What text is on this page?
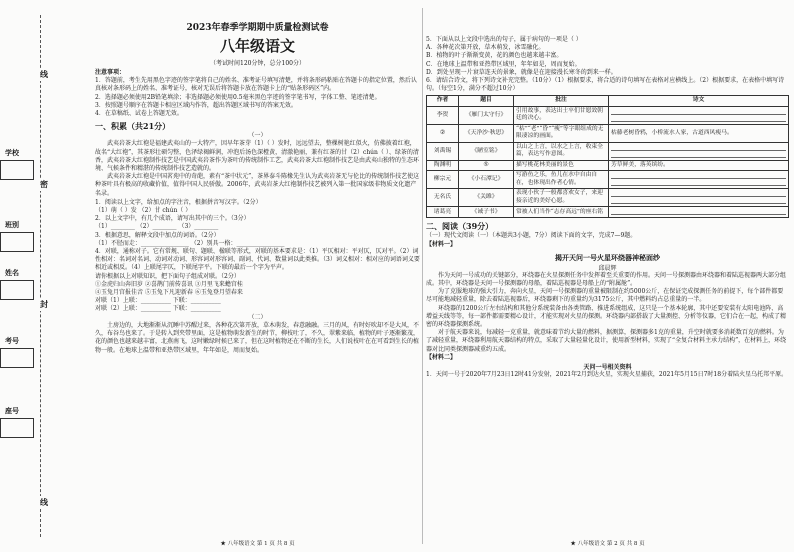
线
密
封
线
学校
班别
姓名
考号
座号
2023年春季学期期中质量检测试卷
八年级语文
（考试时间120分钟，总分100分）
注意事项：
1．答题前，考生先用黑色字迹的签字笔将自己的姓名、准考证号填写清楚，并将条形码粘贴在答题卡的指定位置，然后认真核对条形码上的姓名、准考证号，核对无误后将答题卡放在答题卡上的“贴条形码区”内。
2．选择题必须使用2B铅笔填涂；非选择题必须使用0.5毫米黑色字迹的签字笔书写，字体工整、笔迹清楚。
3．按照题号顺序在答题卡相应区域内作答，超出答题区域书写的答案无效。
4．在草稿纸、试卷上答题无效。
一、积累（共21分）
（一）
武夷岩茶大红袍是福建武夷山的一大特产，因早年茶芽（1）（ ）发时，远远望去，整棵树艳红似火，仿佛披着红袍，故名“大红袍”，其茶形壮硕匀整，色泽绿褐鲜润，冲泡后汤色深橙黄，清澈艳丽，兼有红茶的甘（2）chún（ ）、绿茶的清香，武夷岩茶大红袍制作技艺是中国武夷岩茶作为茶叶的传统制作工艺，武夷岩茶大红袍制作技艺是由武夷山独特的生态环境、气候条件和精湛的传统制作技艺造就的。
武夷岩茶大红袍是中国茗苑中的奇葩，素有“茶中状元”，茶界泰斗陈椽先生认为武夷岩茶无与伦比的传统制作技艺使这种茶叶具有极高的收藏价值，值得中国人民骄傲。2006年，武夷岩茶大红袍制作技艺被列入第一批国家级非物质文化遗产名录。
1．阅读以上文字，给加点的字注音，根据拼音写汉字。（2分）
（1）萌（ ）发 （2）甘 chún（ ）
2．以上文字中，有几个成语，请写出其中的三个。（3分）
（1）________ （2）________ （3）________
3．根据意思，解释文段中加点的词语。（2分）
（1）不胫而走：________________ （2）别具一格：________________
4．对联，通称对子。它有常规、联句、题联、楹联等形式，对联的基本要求是：（1）平仄相对：平对仄，仄对平。（2）词性相对：名词对名词、动词对动词、形容词对形容词、副词、代词、数量词以此类推。（3）词义相对：相对应的词语词义要相近或相反。（4）上联尾字仄，下联尾字平。下联的最后一个字为平声。
请你根据以上对联知识，把下面句子组成对联。（2分）
①金虎归山奔旧岁 ②喜鹊门前传喜讯 ③月里飞来蟾宫桂
④玉兔月宫报佳音 ⑤玉兔下凡迎新春 ⑥玉兔登月望春来
对联（1）上联：__________ 下联：__________
对联（2）上联：__________ 下联：__________
（二）
土房边的，大地渐渐从沉睡中苏醒过来，各种花次第开放，草木萌发，春意融融。三月的风，有时好吹却不是大风，不久，布谷鸟也来了。于是转入到夹带里面，这是植物萌发新生的时节，柳枝吐了，不久，翠紫来临，植物的叶子逐渐繁茂，花的颜色也越来越丰富，北燕南飞，这时嫩绿时候已来了，但在这时植物还在不断的生长，人们说枝叶在在可看到生长的植物一般。在地球上温带和亚热带区域里，年年如是，周而复始。
★ 八年级语文 第 1 页 共 8 页
5．下面从以上文段中选出的句子，属于病句的一项是（ ）
A．各种花次第开放，草木萌发，冰雪融化。
B．植物的叶子渐渐变黄，花的颜色也越来越丰富。
C．在地球上温带和亚热带区域里，年年如是，周而复始。
D．到处呈现一片衰草连天的景象，就像是在迎接漫长寒冬的到来一样。
6．请结合诗文，将下列诗文补充完整。（10分）（1）根据要求，将合适的诗句填写在表格对应横线上。（2）根据要求，在表格中填写诗句。（每空1分，满分不超过10分）
作者	题目	批注	诗文
李贺	《雁门太守行》	引用故事，表达出士卒们甘愿效朝廷的决心。	

②	《天净沙·秋思》	“枯”“老”“昏”“瘦”等字眼组成的无限凄凉的画面。	枯藤老树昏鸦，小桥流水人家，古道西风瘦马。
刘禹锡	《陋室铭》	以山之上言，以水之上言，收束全篇，表达写作意图。	

陶渊明	⑤	描写桃花林美丽的景色	芳草鲜美，落英缤纷。
柳宗元	《小石潭记》	写游鱼之乐，鱼儿在水中自由自在，也体现出作者心情。	

无名氏	《关雎》	表现小伙子一般都喜欢女子，来迎接亲近的美好心愿。	

诸葛亮	《诫子书》	常被人们当作“志存高远”的座右铭	
二、阅读（39分）
（一）现代文阅读（一）（本题共3小题，7分）阅读下面的文字，完成7—9题。
【材料一】
揭开天问一号火星环绕器神秘面纱
邱晨辉
作为天问一号成功的关键部分，环绕器在火星探测任务中发挥着至关重要的作用。天问一号探测器由环绕器和着陆巡视器两大部分组成。其中，环绕器是天问一号探测器的母船，着陆巡视器是母船上的“附属舱”。
为了克服地球的强大引力，奔向火星，天问一号探测器的重量被限制在约5000公斤，在保证完成探测任务的前提下，每个部件都要尽可能地减轻重量，除去着陆巡视器后，环绕器剩下的重量约为3175公斤，其中燃料约占总重量的一半。
环绕器的1200公斤左右结构和其他分系统装备由各类管路、推进系统组成，这只是一个基本轮廓，其中还要安装有太阳电池阵、高增益天线等等，每一部件都需要精心设计，才能实现对火星的探测。环绕器内部搭载了大量测控、分析等仪器，它们合在一起，构成了精密的环绕器探测系统。
对于航天器来说，每减轻一克重量，就意味着节约大量的燃料，据测算，探测器多1克的重量，升空时就要多消耗数百克的燃料。为了减轻重量，环绕器利用航天器结构的特点，采取了大量轻量化设计，使用新型材料，实现了“全复合材料主承力结构”，在材料上，环绕器对比同类探测器减重约五成。
【材料二】
天问一号相关资料
1．天问一号于2020年7月23日12时41分发射，2021年2月到达火星，实现火星捕获，2021年5月15日7时18分着陆火星乌托邦平原。
★ 八年级语文 第 2 页 共 8 页
